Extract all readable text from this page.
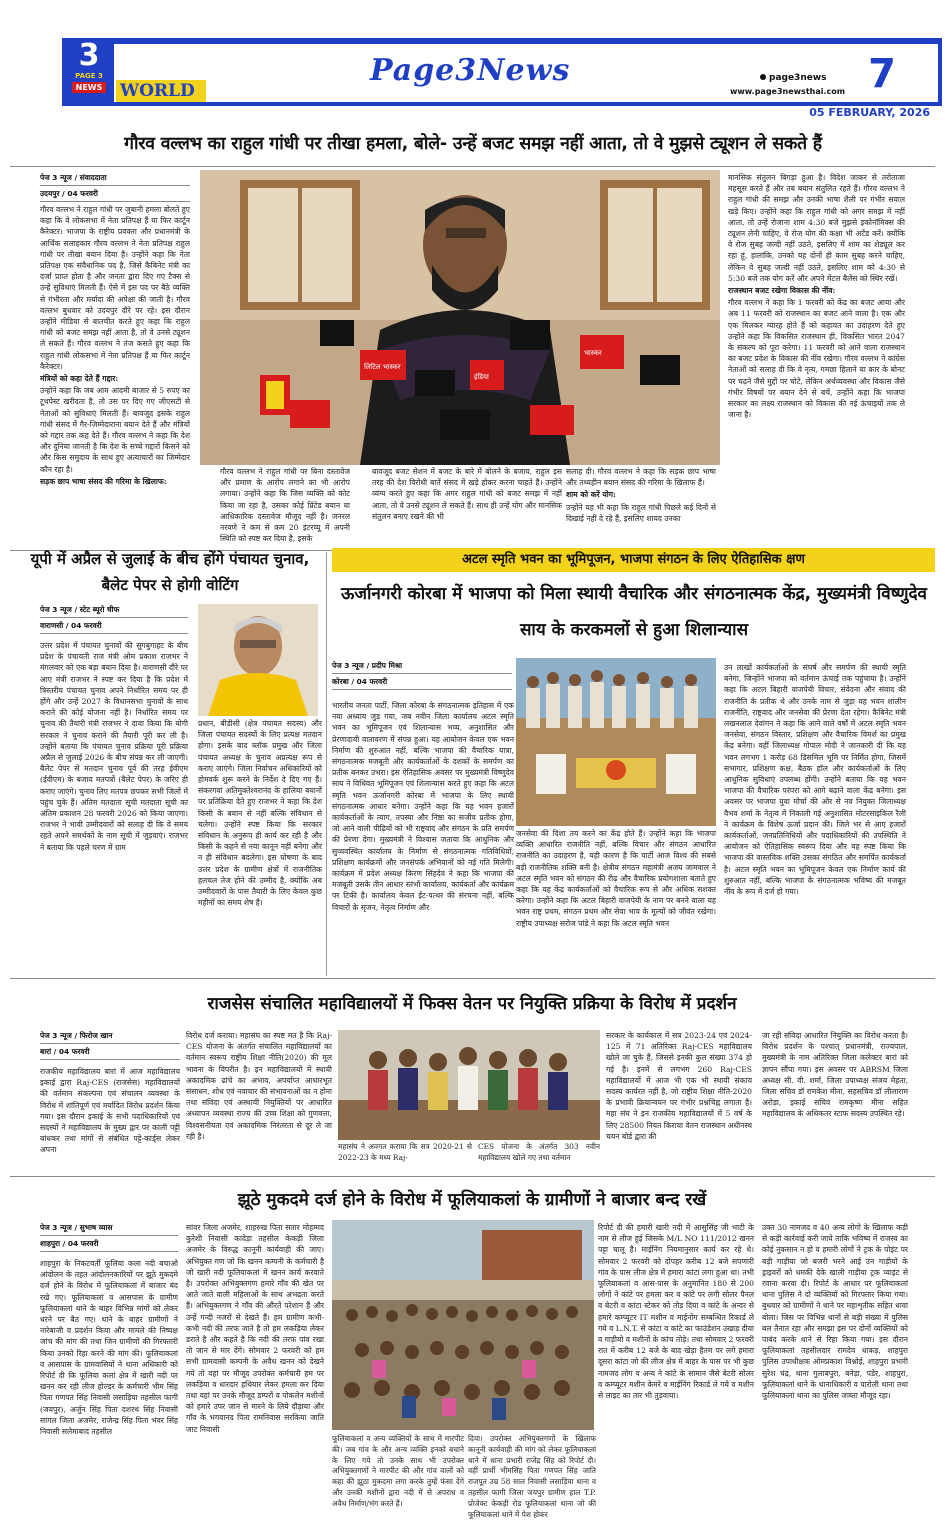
3
PAGE 3
NEWS WORLD
Page3News	page3news
www.page3newsthai.com 7
05 FEBRUARY, 2026
गौरव वल्लभ का राहुल गांधी पर तीखा हमला, बोले- उन्हें बजट समझ नहीं आता, तो वे मुझसे ट्यूशन ले सकते हैं
पेज 3 न्यूज / संवाददाता
उदयपुर / 04 फरवरी

गौरव वल्लभ ने राहुल गांधी पर जुबानी हमला बोलते हुए कहा कि वे लोकसभा में नेता प्रतिपक्ष हैं या फिर कार्टून कैरेक्टर। भाजपा के राष्ट्रीय प्रवक्ता और प्रधानमंत्री के आर्थिक सलाहकार गौरव वल्लभ ने नेता प्रतिपक्ष राहुल गांधी पर तीखा बयान दिया है। उन्होंने कहा कि नेता प्रतिपक्ष एक संवैधानिक पद है, जिसे कैबिनेट मंत्री का दर्जा प्राप्त होता है और जनता द्वारा दिए गए टैक्स से उन्हें सुविधाएं मिलती हैं। ऐसे में इस पद पर बैठे व्यक्ति से गंभीरता और मर्यादा की अपेक्षा की जाती है। गौरव वल्लभ बुधवार को उदयपुर दौरे पर रहे। इस दौरान उन्होंने मीडिया से बातचीत करते हुए कहा कि राहुल गांधी को बजट समझ नहीं आता है, तो वे उनसे ट्यूशन ले सकते हैं। गौरव वल्लभ ने तंज कसते हुए कहा कि राहुल गांधी लोकसभा में नेता प्रतिपक्ष हैं या फिर कार्टून कैरेक्टर।

मंत्रियों को कहा देते हैं गद्दार:

उन्होंने कहा कि जब आम आदमी बाजार से 5 रुपए का टूथपेस्ट खरीदता है, तो उस पर दिए गए जीएसटी से नेताओं को सुविधाएं मिलती हैं। बावजूद इसके राहुल गांधी संसद में गैर-जिम्मेदाराना बयान देते हैं और मंत्रियों को गद्दार तक कह देते हैं। गौरव वल्लभ ने कहा कि देश और दुनिया जानती है कि देश के सच्चे गद्दारों किसने को और किस समुदाय के साथ हुए अत्याचारों का जिम्मेदार कौन रहा है।

सड़क छाप भाषा संसद की गरिमा के खिलाफ:

लिटिल भास्कर
इंडिया
भास्कर
गौरव वल्लभ ने राहुल गांधी पर बिना दस्तावेज और प्रमाण के आरोप लगाने का भी आरोप लगाया। उन्होंने कहा कि जिस व्यक्ति को कोट किया जा रहा है, उसका कोई प्रिंटेड बयान या आधिकारिक दस्तावेज मौजूद नहीं है। जनरल नरवणे ने कम से कम 20 इंटरव्यू में अपनी स्थिति को स्पष्ट कर दिया है, इसके
बावजूद बजट सेशन में बजट के बारे में बोलने के बजाय, राहुल इस तरह की देश विरोधी बातें संसद में खड़े होकर करना चाहते हैं। उन्होंने व्यंग्य करते हुए कहा कि अगर राहुल गांधी को बजट समझ में नहीं आता, तो वे उनसे ट्यूशन ले सकते हैं। साथ ही उन्हें योग और मानसिक संतुलन बनाए रखने की भी

सलाह दी। गौरव वल्लभ ने कहा कि सड़क छाप भाषा और तथ्यहीन बयान संसद की गरिमा के खिलाफ हैं।

शाम को करें योग:

उन्होंने यह भी कहा कि राहुल गांधी पिछले कई दिनों से दिखाई नहीं दे रहे हैं, इसलिए शायद उनका

मानसिक संतुलन बिगड़ा हुआ है। विदेश जाकर से तरोताजा महसूस करते हैं और तब बयान संतुलित रहते हैं। गौरव वल्लभ ने राहुल गांधी की समझ और उनकी भाषा शैली पर गंभीर सवाल खड़े किए। उन्होंने कहा कि राहुल गांधी को अगर समझ में नहीं आता, तो उन्हें रोजाना शाम 4:30 बजे मुझसे इकोनॉमिक्स की ट्यूशन लेनी चाहिए, वे रोज योग की कक्षा भी अटेंड करें। क्योंकि वे रोज सुबह जल्दी नहीं उठते, इसलिए में शाम का शेड्यूल कर रहा हूं, हालांकि, उनको यह दोनों ही काम सुबह करने चाहिए, लेकिन वे सुबह जल्दी नहीं उठते, इसलिए शाम को 4:30 से 5:30 बजे तक योग करें और अपने मेंटल बैलेंस को स्थिर रखें।

राजस्थान बजट रखेगा विकास की नींव:

गौरव वल्लभ ने कहा कि 1 फरवरी को केंद्र का बजट आया और अब 11 फरवरी को राजस्थान का बजट आने वाला है। एक और एक मिलकर ग्यारह होते हैं को कहावत का उदाहरण देते हुए उन्होंने कहा कि विकसित राजस्थान ही, विकसित भारत 2047 के संकल्प को पूरा करेगा। 11 फरवरी को आने वाला राजस्थान का बजट प्रदेश के विकास की नींव रखेगा। गौरव वल्लभ ने कांग्रेस नेताओं को सलाह दी कि वे नृत्य, गमछा हिलाने या कार के बोनट पर चढ़ने जैसे मुद्दों पर चोटें, लेकिन अर्थव्यवस्था और विकास जैसे गंभीर विषयों पर बयान देने से बचें, उन्होंने कहा कि भाजपा सरकार का लक्ष्य राजस्थान को विकास की नई ऊंचाइयों तक ले जाना है।

यूपी में अप्रैल से जुलाई के बीच होंगे पंचायत चुनाव, बैलेट पेपर से होगी वोटिंग
पेज 3 न्यूज / स्टेट ब्यूरो चीफ
वाराणसी / 04 फरवरी
उत्तर प्रदेश में पंचायत चुनावों की सुगबुगाहट के बीच प्रदेश के पंचायती राज मंत्री ओम प्रकाश राजभर ने मंगलवार को एक बड़ा बयान दिया है। वाराणसी दौरे पर आए मंत्री राजभर ने स्पष्ट कर दिया है कि प्रदेश में त्रिस्तरीय पंचायत चुनाव अपने निर्धारित समय पर ही होंगे और उन्हें 2027 के विधानसभा चुनावों के साथ कराने की कोई योजना नहीं है। निर्धारित समय पर चुनाव की तैयारी मंत्री राजभर ने दावा किया कि योगी सरकार ने चुनाव कराने की तैयारी पूरी कर ली है। उन्होंने बताया कि पंचायत चुनाव प्रक्रिया पूरी प्रक्रिया अप्रैल से जुलाई 2026 के बीच संपन्न कर ली जाएगी। बैलेट पेपर से मतदान चुनाव पूर्व की तरह ईवीएम (ईवीएम) के बजाय मतपत्रों (बैलेट पेपर) के जरिए ही कराए जाएंगे। चुनाव लिए मतपत्र छपकर सभी जिलों में पहुंच चुके हैं। अंतिम मतदाता सूची मतदाता सूची का अंतिम प्रकाशन 28 फरवरी 2026 को किया जाएगा। राजभर ने भावी उम्मीदवारों को सलाह दी कि वे समय रहते अपने समर्थकों के नाम सूची में जुड़वाएं। राजभर ने बताया कि पहले चरण में ग्राम
प्रधान, बीडीसी (क्षेत्र पंचायत सदस्य) और जिला पंचायत सदस्यों के लिए प्रत्यक्ष मतदान होगा। इसके बाद ब्लॉक प्रमुख और जिला पंचायत अध्यक्ष के चुनाव अप्रत्यक्ष रूप से कराए जाएंगे। जिला निर्वाचन अधिकारियों को होमवर्क शुरू करने के निर्देश दे दिए गए हैं। संकरगवां अतिमुक्तेश्वरानंद के हालिया बयानों पर प्रतिक्रिया देते हुए राजभर ने कहा कि देश किसी के बयान से नहीं बल्कि संविधान से चलेगा। उन्होंने स्पष्ट किया कि सरकार संविधान के अनुरूप ही कार्य कर रही है और किसी के कहने से नया कानून नहीं बनेगा और न ही संविधान बदलेगा। इस घोषणा के बाद उत्तर प्रदेश के ग्रामीण क्षेत्रों में राजनीतिक हलचल तेज होने की उम्मीद है, क्योंकि अब उम्मीदवारों के पास तैयारी के लिए केवल कुछ महीनों का समय शेष है।
अटल स्मृति भवन का भूमिपूजन, भाजपा संगठन के लिए ऐतिहासिक क्षण
ऊर्जानगरी कोरबा में भाजपा को मिला स्थायी वैचारिक और संगठनात्मक केंद्र, मुख्यमंत्री विष्णुदेव साय के करकमलों से हुआ शिलान्यास
पेज 3 न्यूज / प्रदीप मिश्रा
कोरबा / 04 फरवरी
भारतीय जनता पार्टी, जिला कोरबा के संगठनात्मक इतिहास में एक नया अध्याय जुड़ गया, जब नवीन जिला कार्यालय अटल स्मृति भवन का भूमिपूजन एवं शिलान्यास भव्य, अनुशासित और प्रेरणादायी वातावरण में संपन्न हुआ। यह आयोजन केवल एक भवन निर्माण की शुरुआत नहीं, बल्कि भाजपा की वैचारिक यात्रा, संगठनात्मक मजबूती और कार्यकर्ताओं के दशकों के समर्पण का प्रतीक बनकर उभरा। इस ऐतिहासिक अवसर पर मुख्यमंत्री विष्णुदेव साय ने विधिवत भूमिपूजन एवं शिलान्यास करते हुए कहा कि अटल स्मृति भवन ऊर्जानगरी कोरबा में भाजपा के लिए स्थायी संगठनात्मक आधार बनेगा। उन्होंने कहा कि यह भवन हजारों कार्यकर्ताओं के त्याग, तपस्या और निष्ठा का सजीव प्रतीक होगा, जो आने वाली पीढ़ियों को भी राष्ट्रवाद और संगठन के प्रति समर्पण की प्रेरणा देगा। मुख्यमंत्री ने विश्वास जताया कि आधुनिक और सुव्यवस्थित कार्यालय के निर्माण से संगठनात्मक गतिविधियों, प्रशिक्षण कार्यक्रमों और जनसंपर्क अभियानों को नई गति मिलेगी। कार्यक्रम में प्रदेश अध्यक्ष किरण सिंहदेव ने कहा कि भाजपा की मजबूती उसके तीन आधार स्तंभों कार्यालय, कार्यकर्ता और कार्यक्रम पर टिकी है। कार्यालय केवल ईंट-पत्थर की संरचना नहीं, बल्कि विचारों के सृजन, नेतृत्व निर्माण और
जनसेवा की दिशा तय करने का केंद्र होते हैं। उन्होंने कहा कि भाजपा व्यक्ति आधारित राजनीति नहीं, बल्कि विचार और संगठन आधारित राजनीति का उदाहरण है, यही कारण है कि पार्टी आज विश्व की सबसे बड़ी राजनीतिक शक्ति बनी है। क्षेत्रीय संगठन महामंत्री अजय जामवाल ने अटल स्मृति भवन को संगठन की रीढ़ और वैचारिक प्रयोगशाला बताते हुए कहा कि यह केंद्र कार्यकर्ताओं को वैचारिक रूप से और अधिक सशक्त करेगा। उन्होंने कहा कि अटल बिहारी वाजपेयी के नाम पर बनने वाला यह भवन राष्ट्र प्रथम, संगठन प्रथम और सेवा भाव के मूल्यों को जीवंत रखेगा। राष्ट्रीय उपाध्यक्ष सरोज पांडे ने कहा कि अटल स्मृति भवन
उन लाखों कार्यकर्ताओं के संघर्ष और समर्पण की स्थायी स्मृति बनेगा, जिन्होंने भाजपा को वर्तमान ऊंचाई तक पहुंचाया है। उन्होंने कहा कि अटल बिहारी वाजपेयी विचार, संवेदना और संवाद की राजनीति के प्रतीक थे और उनके नाम से जुड़ा यह भवन शालीन राजनीति, राष्ट्रवाद और जनसेवा की प्रेरणा देता रहेगा। कैबिनेट मंत्री लखनलाल देवांगन ने कहा कि आने वाले वर्षों में अटल स्मृति भवन जनसेवा, संगठन विस्तार, प्रशिक्षण और वैचारिक विमर्श का प्रमुख केंद्र बनेगा। वहीं जिलाध्यक्ष गोपाल मोदी ने जानकारी दी कि यह भवन लगभग 1 करोड़ 68 डिसमिल भूमि पर निर्मित होगा, जिसमें सभागार, प्रशिक्षण कक्ष, बैठक हॉल और कार्यकर्ताओं के लिए आधुनिक सुविधाएं उपलब्ध होंगी। उन्होंने बताया कि यह भवन भाजपा की वैचारिक परंपरा को आगे बढ़ाने वाला केंद्र बनेगा। इस अवसर पर भाजपा युवा मोर्चा की ओर से नव नियुक्त जिलाध्यक्ष वैभव शर्मा के नेतृत्व में निकाली गई अनुशासित मोटरसाइकिल रैली ने कार्यक्रम के विशेष ऊर्जा प्रदान की। जिले भर से आए हजारों कार्यकर्ताओं, जनप्रतिनिधियों और पदाधिकारियों की उपस्थिति ने आयोजन को ऐतिहासिक स्वरूप दिया और यह स्पष्ट किया कि भाजपा की वास्तविक शक्ति उसका संगठित और समर्पित कार्यकर्ता है। अटल स्मृति भवन का भूमिपूजन केवल एक निर्माण कार्य की शुरुआत नहीं, बल्कि भाजपा के संगठनात्मक भविष्य की मजबूत नींव के रूप में दर्ज हो गया।
राजसेस संचालित महाविद्यालयों में फिक्स वेतन पर नियुक्ति प्रक्रिया के विरोध में प्रदर्शन
पेज 3 न्यूज / फिरोज खान
बारां / 04 फरवरी
राजकीय महाविद्यालय बारां में आज महाविद्यालय इकाई द्वारा Raj-CES (राजसेस) महाविद्यालयों की वर्तमान संकल्पना एवं संचालन व्यवस्था के विरोध में शांतिपूर्ण एवं मर्यादित विरोध प्रदर्शन किया गया। इस दौरान इकाई के सभी पदाधिकारियों एवं सदस्यों ने महाविद्यालय के मुख्य द्वार पर काली पट्टी बांधकर तथा मांगों से संबंधित पट्टे-कार्ड्स लेकर अपना
विरोध दर्ज कराया। महासंघ का स्पष्ट मत है कि Raj-CES योजना के अंतर्गत संचालित महाविद्यालयों का वर्तमान स्वरूप राष्ट्रीय शिक्षा नीति(2020) की मूल भावना के विपरीत है। इन महाविद्यालयों में स्थायी अकादमिक ढांचे का अभाव, अपर्याप्त आधारभूत संसाधन, शोध एवं नवाचार की संभावनाओं का न होना तथा संविदा एवं अस्थायी नियुक्तियों पर आधारित अध्यापन व्यवस्था राज्य की उच्च शिक्षा को गुणवत्ता, विश्वसनीयता एवं अकादमिक निरंतरता से दूर ले जा रही है।
महासंघ ने अवगत कराया कि सत्र 2020-21 से 2022-23 के मध्य Raj-
CES योजना के अंतर्गत 303 नवीन महाविद्यालय खोले गए तथा वर्तमान
सरकार के कार्यकाल में सत्र 2023-24 एवं 2024-125 में 71 अतिरिक्त Raj-CES महाविद्यालय खोले जा चुके हैं, जिससे इनकी कुल संख्या 374 हो गई है। इनमें से लगभग 260 Raj-CES महाविद्यालयों में आज भी एक भी स्थायी संकाय सदस्य कार्यरत नहीं है, जो राष्ट्रीय शिक्षा नीति-2020 के प्रभावी क्रियान्वयन पर गंभीर प्रश्नचिह्न लगाता है। महा संघ ने इन राजकीय महाविद्यालयों में 5 वर्ष के लिए 28500 नियत किराया वेतन राजस्थान अधीनस्थ चयन बोर्ड द्वारा की
जा रही संविदा आधारित नियुक्ति का विरोध करता है। विरोध प्रदर्शन के पश्चात् प्रधानमंत्री, राज्यपाल, मुख्यमंत्री के नाम अतिरिक्त जिला कलेक्टर बारां को ज्ञापन सौंपा गया। इस अवसर पर ABRSM जिला अध्यक्ष सी. वी. शर्मा, जिला उपाध्यक्ष संजय मेहता, जिला सचिव डॉ रामकेश मीना, सहसचिव डॉ लीलाराम अरोड़ा, इकाई सचिव रामकृष्ण मीना सहित महाविद्यालय के अधिकतर स्टाफ सदस्य उपस्थित रहे।
झूठे मुकदमे दर्ज होने के विरोध में फूलियाकलां के ग्रामीणों ने बाजार बन्द रखें
पेज 3 न्यूज / सुभाष व्यास
शाहपुरा / 04 फरवरी
शाहपुरा के निकटवर्ती फूलिया कला नदी बचाओ आंदोलन के तहत आंदोलनकारियों पर झूठे मुकदमे दर्ज होने के विरोध में फूलियाकलां में बाजार बंद रखे गए। फूलियाकलां व आसपास के ग्रामीण फूलियाकलां थाने के बाहर विभिन्न मांगों को लेकर धरने पर बैठ गए। थाने के बाहर ग्रामीणों ने नारेबाजी व प्रदर्शन किया और मामले की निष्पक्ष जांच की मांग की तथा जिन ग्रामीणों की गिरफ्तारी किया उनको रिहा करने की मांग की। फूलियाकलां व आसपास के ग्रामवासियों ने थाना अधिकारी को रिपोर्ट दी कि फूलिया कलां क्षेत्र में खारी नदी पर खनन कर रही लीज होल्डर के कर्मचारी भीम सिंह पिता गणपत सिंह निवासी लसाड़िया तहसील फागी (जयपुर), अर्जुन सिंह पिता दशरथ सिंह निवासी सांगल जिला अजमेर, राजेन्द्र सिंह पिता भंवर सिंह निवासी सलेमाबाद तहसील
सांवर जिला अजमेर, शाहरुख पिता सतार मोहम्मद कुरेशी निवासी कादेड़ा तहसील केकड़ी जिला अजमेर के विरुद्ध कानूनी कार्यवाही की जाए। अभियुक्त गण जो कि खनन कम्पनी के कर्मचारी है जो खारी नदी फूलियाकलां में खनन कार्य करवाते है। उपरोक्त अभियुक्तगण हमारे गाँव की खेत पर आते जाते वाली महिलाओं के साथ अभद्रता करते हैं। अभियुक्तगण ने गाँव की औरतें परेशान हैं और उन्हें गन्दी नजरों से देखते हैं। हम ग्रामीण कभी-कभी नदी की तरफ जाते है तो हम लकड़िया लेकर डराते है और कहते है कि नदी की तरफ पांव रखा तो जान से मार देंगे। सोमवार 2 फरवरी को हम सभी ग्रामवासी कम्पनी के अवैध खनन को देखने गये तो वहां पर मौजूद उपरोक्त कर्मचारी हम पर लकड़िया व धारदार हथियार लेकर हमला कर दिया तथा वहां पर उनके मौजूद डम्परों व पोकलेन मशीनों को हमारे उपर जान से मारने के लिये दौड़ाया और गाँव के भगवानद पिता रामनिवास सरकिया जाति जाट निवासी
फूलियाकलां व अन्य व्यक्तियों के साथ में मारपीट की। जब गांव के और अन्य व्यक्ति इनको बचाने के लिए गये तो उनके साथ भी उपरोक्त अभियुक्तगणों ने मारपीट की और गांव वालों को कहा की झूठा मुकदमा लगा करके तुम्हें फंसा देंगे और उनकी मशीनों द्वारा नदी में से अपराध व अवैध निर्माण/भंग करते हैं।
दिया। उपरोक्त अभियुक्तगणों के खिलाफ कानूनी कार्यवाही की मांग को लेकर फूलियाकलां थाने में थाना प्रभारी राजेंद्र सिंह को रिपोर्ट दी। वहीं प्रार्थी भीमसिंह पिता गणपत सिंह जाति राजपूत उम्र 58 साल निवासी लसाड़िया थाना व तहसील फागी जिला जयपुर ग्रामीण हाल T.P. प्रोजेक्ट केकड़ी रोड फूलियाकलां थाना जो की फूलियाकलां थाने में पेश होकर
रिपोर्ट दी की हमारी खारी नदी में आसुसिंह जी भाटी के नाम से लीज हुई जिसके M/L NO 111/2012 खनन पट्टा चालू है। माईनिंग नियमानुसार कार्य कर रहे थे। सोमवार 2 फरवरी को दोपहर करीब 12 बजे सपणारी गांव के पास लीज क्षेत्र में हमारा कांटा लगा हुआ था। तभी फूलियाकलां व आस-पास के अनुमानित 180 से 200 लोगों ने कांटे पर हमला कर व कांटे पर लगी सोलर पैनल व बेटरी व कांटा स्टेकर को तोड़ दिया व कांटे के अन्दर से हमारे कम्प्यूटर IT मशीन व माईनोंग सम्बन्धित रिकार्ड ले गये व L.N.T. से कांटा व कांटे का फाउंडेशन उखाड़ दीया व गाड़ीयो व मशीनों के कांच तोड़े। तथा सोमवार 2 फरवरी रात में करीब 12 बजे के बाद खेड़ा हैतम पर लगे हमारा दूसरा कांटा जो की लीज क्षेत्र में बाहर के पास पर भी कुछ नामजद लोग व अन्य ने कांटे के सामान जैसे बेटरी सोलर व कम्प्यूटर मशीन केमरे व माईनिंग रिकार्ड ले गये व मशीन से लाइट का तार भी तुड़वाया।
उक्त 30 नामजद व 40 अन्य लोगो के खिलाफ कड़ी से कड़ी कार्रवाई करी जाये ताकि भविष्य में राजस्व का कोई नुकसान न हो व हमारी लोगों ने ट्रक के पोइंट पर बड़ी गाड़ीया जो बजरी भरने आई उन गाड़ीयों के ड्राइवरों को धमकी देके खाली गाड़ीया ट्रक प्वाइंट से रवाना करवा दी। रिपोर्ट के आधार पर फूलियाकलां थाना पुलिस ने दो व्यक्तियों को गिरफ्तार किया गया। बुधवार को ग्रामीणों ने थाने पर महाशृतीक सहित धावा बोला। जिस पर विभिन्न थानों से बड़ी संख्या में पुलिस बल तैनात रहा और समझा इस पर दोनों व्यक्तियों को पाबंद करके थाने से रिहा किया गया। इस दौरान फूलियाकलां तहसीलदार रामदेव धाकड़, शाहपुरा पुलिस उपाधीक्षक ओमप्रकाश विश्नोई, शाहपुरा प्रभारी सुरेश चंद्र, थाना गुलाबपुरा, बनेड़ा, पंडेर, शाहपुरा, फूलियाकलां थाने के थानाधिकारी व पारोली थाना तथा फूलियाकलां थाना का पुलिस जाब्ता मौजूद रहा।
